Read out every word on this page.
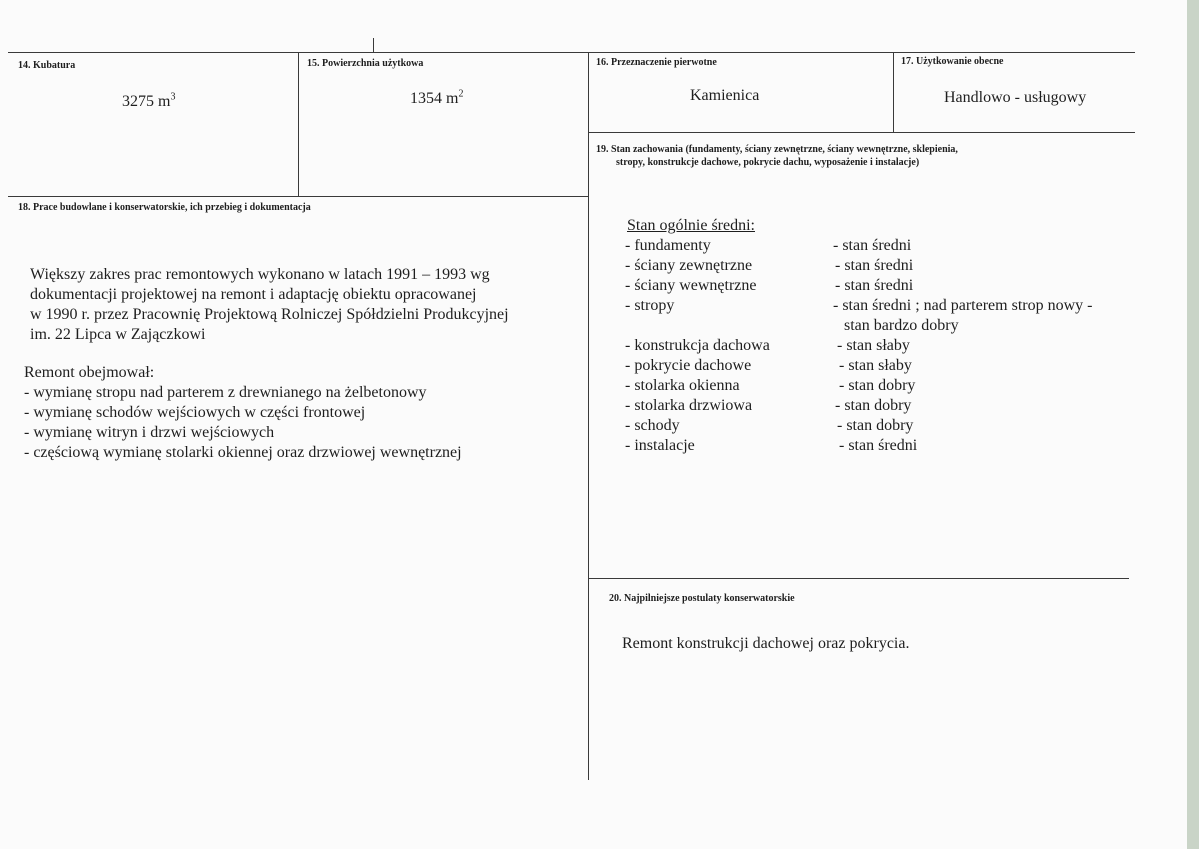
14. Kubatura
3275 $m^3$
15. Powierzchnia użytkowa
1354 $m^2$
16. Przeznaczenie pierwotne
Kamienica
17. Użytkowanie obecne
Handlowo - usługowy
18. Prace budowlane i konserwatorskie, ich przebieg i dokumentacja
Większy zakres prac remontowych wykonano w latach 1991 – 1993 wg
dokumentacji projektowej na remont i adaptację obiektu opracowanej
w 1990 r. przez Pracownię Projektową Rolniczej Spółdzielni Produkcyjnej
im. 22 Lipca w Zajączkowi
Remont obejmował:
- wymianę stropu nad parterem z drewnianego na żelbetonowy
- wymianę schodów wejściowych w części frontowej
- wymianę witryn i drzwi wejściowych
- częściową wymianę stolarki okiennej oraz drzwiowej wewnętrznej
19. Stan zachowania (fundamenty, ściany zewnętrzne, ściany wewnętrzne, sklepienia,
stropy, konstrukcje dachowe, pokrycie dachu, wyposażenie i instalacje)
Stan ogólnie średni:
- fundamenty	- stan średni
- ściany zewnętrzne	- stan średni
- ściany wewnętrzne	- stan średni
- stropy	- stan średni ; nad parterem strop nowy -
stan bardzo dobry
- konstrukcja dachowa	- stan słaby
- pokrycie dachowe	- stan słaby
- stolarka okienna	- stan dobry
- stolarka drzwiowa	- stan dobry
- schody	- stan dobry
- instalacje	- stan średni
20. Najpilniejsze postulaty konserwatorskie
Remont konstrukcji dachowej oraz pokrycia.
